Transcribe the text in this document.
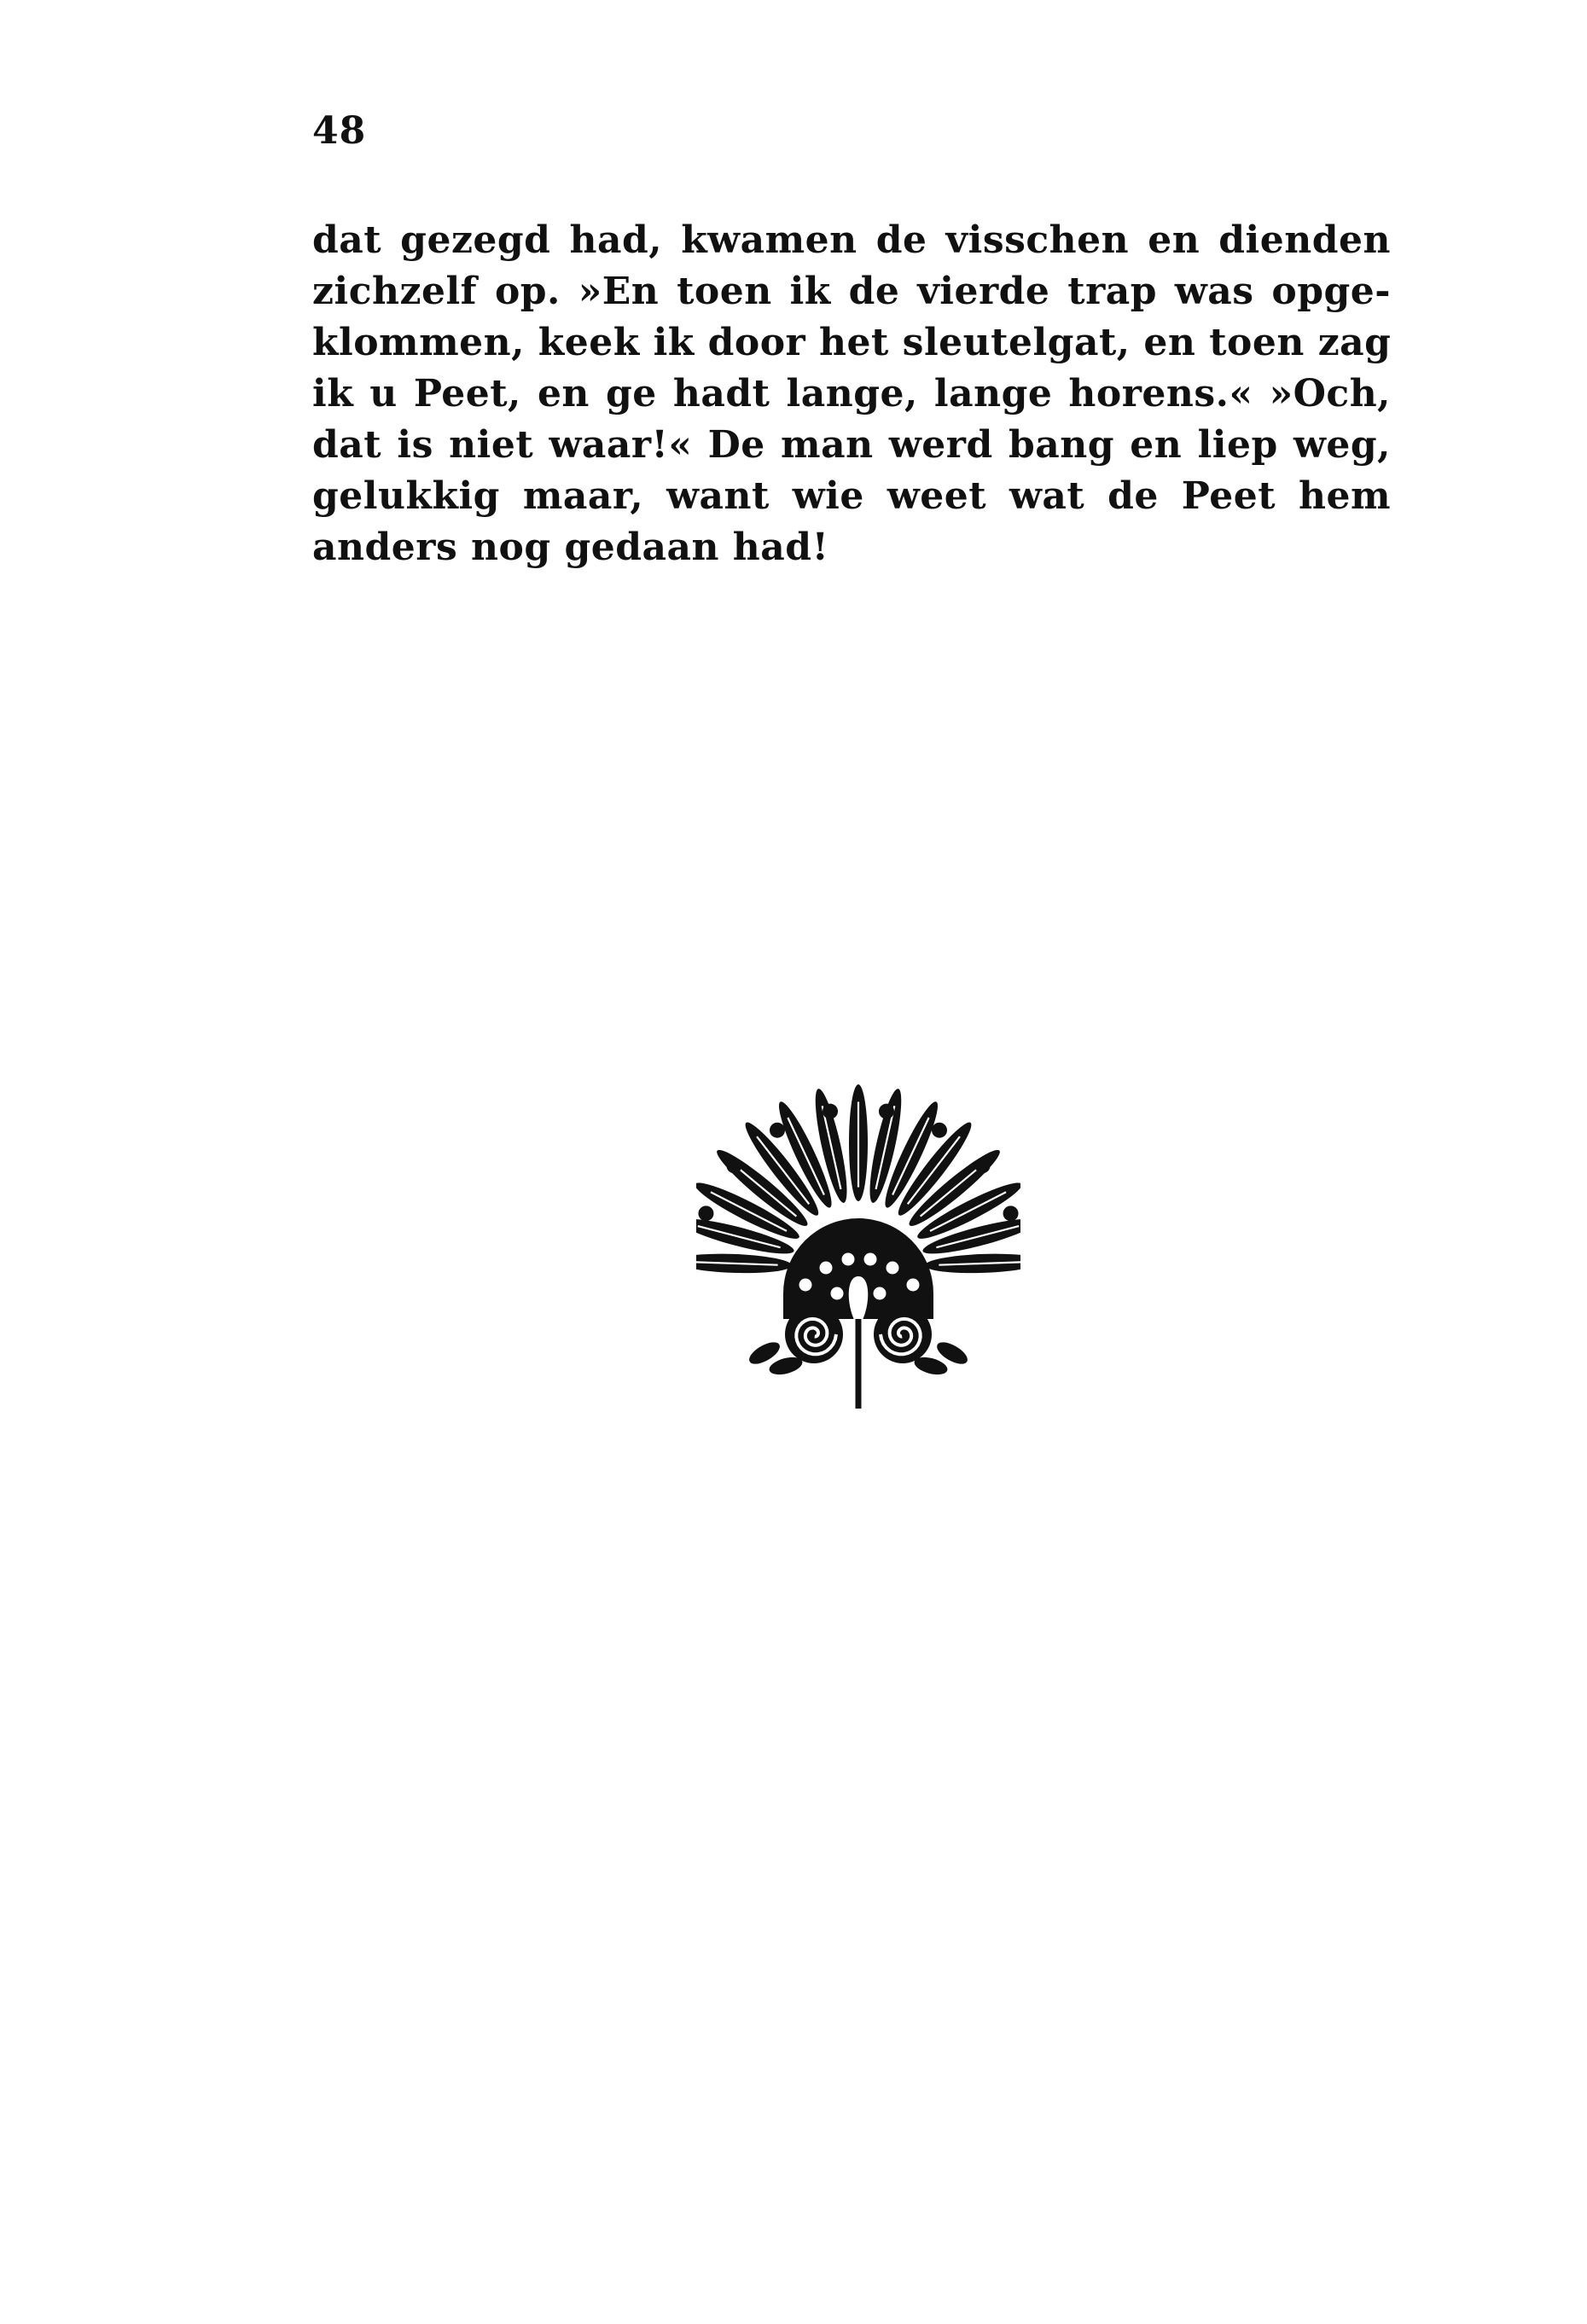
48
dat gezegd had, kwamen de visschen en dienden
zichzelf op. »En toen ik de vierde trap was opge-
klommen, keek ik door het sleutelgat, en toen zag
ik u Peet, en ge hadt lange, lange horens.« »Och,
dat is niet waar!« De man werd bang en liep weg,
gelukkig maar, want wie weet wat de Peet hem
anders nog gedaan had!
